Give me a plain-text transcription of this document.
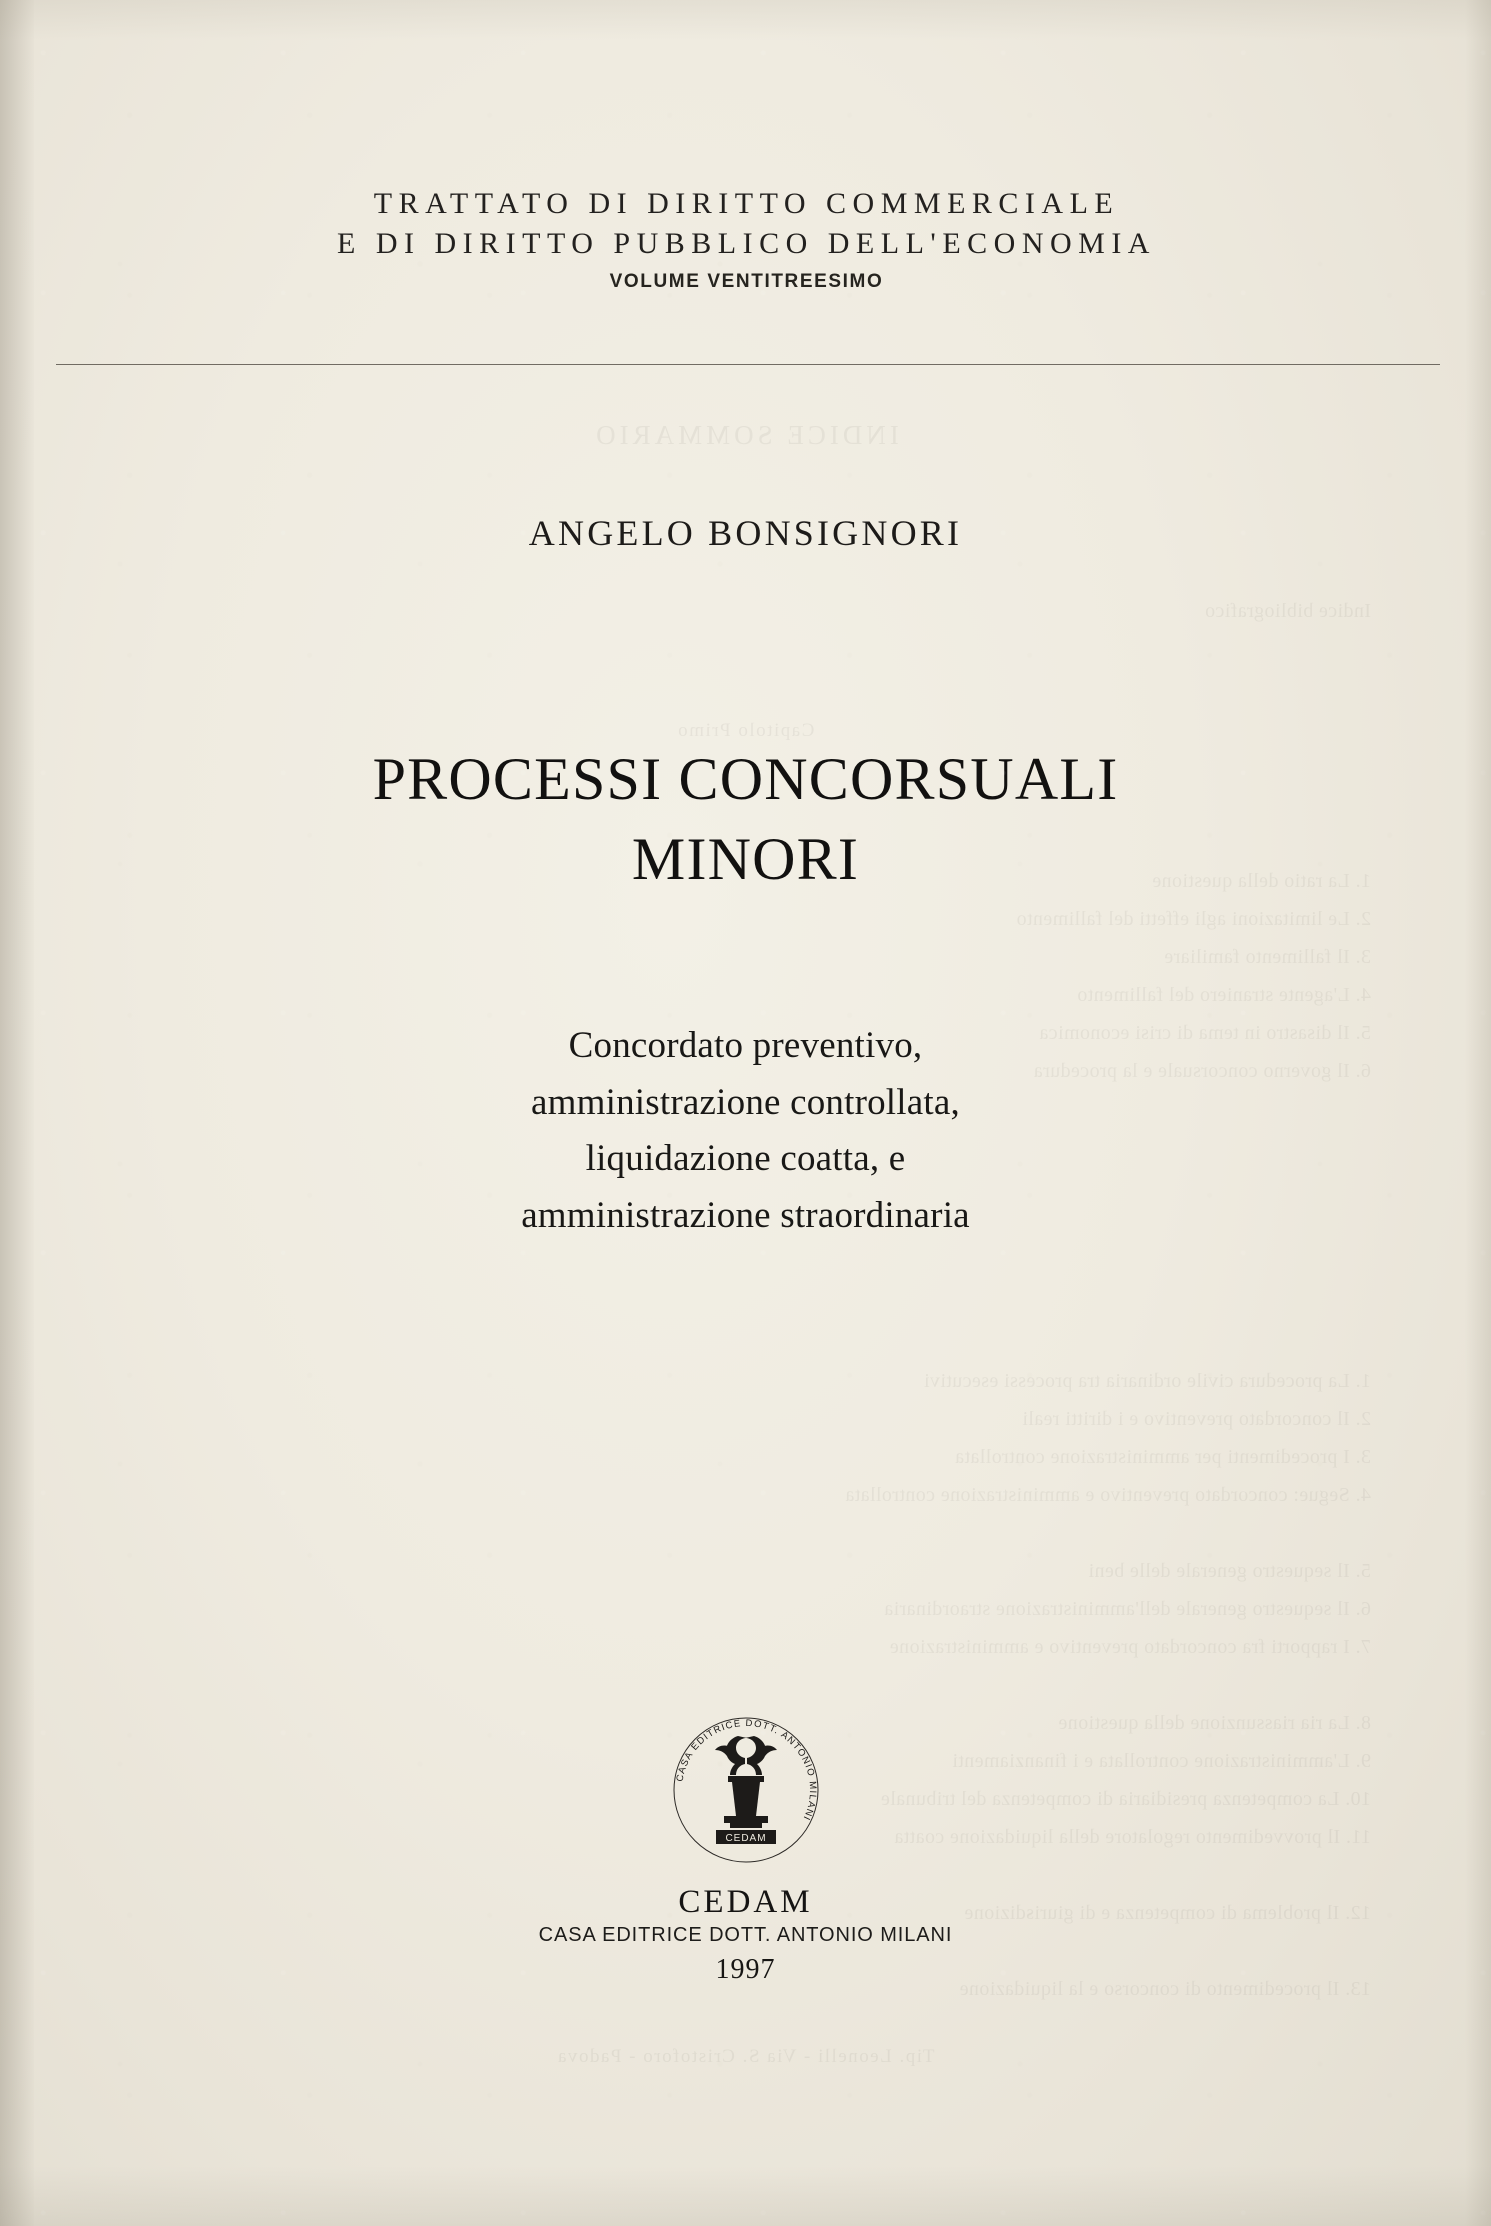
INDICE SOMMARIO
Indice bibliografico
Capitolo Primo
1. La ratio della questione
2. Le limitazioni agli effetti del fallimento
3. Il fallimento familiare
4. L'agente straniero del fallimento
5. Il disastro in tema di crisi economica
6. Il governo concorsuale e la procedura
1. La procedura civile ordinaria tra processi esecutivi
2. Il concordato preventivo e i diritti reali
3. I procedimenti per amministrazione controllata
4. Segue: concordato preventivo e amministrazione controllata
5. Il sequestro generale delle beni
6. Il sequestro generale dell'amministrazione straordinaria
7. I rapporti fra concordato preventivo e amministrazione
8. La ria riassunzione della questione
9. L'amministrazione controllata e i finanziamenti
10. La competenza presidiaria di competenza del tribunale
11. Il provvedimento regolatore della liquidazione coatta
12. Il problema di competenza e di giurisdizione
13. Il procedimento di concorso e la liquidazione
Tip. Leonelli - Via S. Cristoforo - Padova
TRATTATO DI DIRITTO COMMERCIALE
E DI DIRITTO PUBBLICO DELL'ECONOMIA
VOLUME VENTITREESIMO
ANGELO BONSIGNORI
PROCESSI CONCORSUALI
MINORI
Concordato preventivo,
amministrazione controllata,
liquidazione coatta, e
amministrazione straordinaria
CASA EDITRICE DOTT. ANTONIO MILANI
CEDAM
CEDAM
CASA EDITRICE DOTT. ANTONIO MILANI
1997
